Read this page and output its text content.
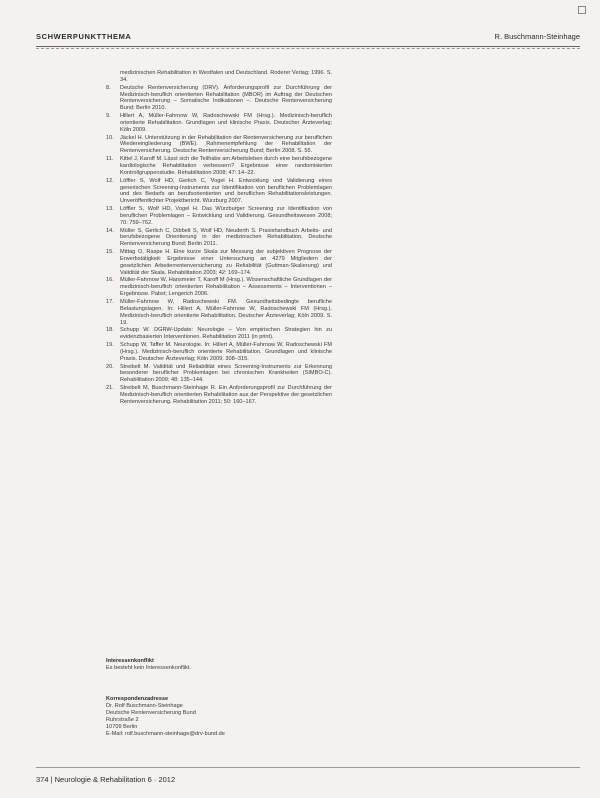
SCHWERPUNKTTHEMA	R. Buschmann-Steinhage
medizinischen Rehabilitation in Westfalen und Deutschland. Roderer Verlag; 1996. S. 34.
8. Deutsche Rentenversicherung (DRV). Anforderungsprofil zur Durchführung der Medizinisch-beruflich orientierten Rehabilitation (MBOR) im Auftrag der Deutschen Rentenversicherung – Somatische Indikationen –. Deutsche Rentenversicherung Bund; Berlin 2010.
9. Hillert A, Müller-Fahrnow W, Radoschewski FM (Hrsg.). Medizinisch-beruflich orientierte Rehabilitation. Grundlagen und klinische Praxis. Deutscher Ärzteverlag; Köln 2009.
10. Jäckel H. Unterstützung in der Rehabilitation der Rentenversicherung zur beruflichen Wiedereingliederung (BWE). Rahmenempfehlung der Rehabilitation der Rentenversicherung. Deutsche Rentenversicherung Bund; Berlin 2008. S. 55.
11. Kittel J, Karoff M. Lässt sich die Teilhabe am Arbeitsleben durch eine berufsbezogene kardiologische Rehabilitation verbessern? Ergebnisse einer randomisierten Kontrollgruppenstudie. Rehabilitation 2008; 47: 14–22.
12. Löffler S, Wolf HD, Gerlich C, Vogel H. Entwicklung und Validierung eines generischen Screening-Instruments zur Identifikation von beruflichen Problemlagen und des Bedarfs an berufsorientierten und beruflichen Rehabilitationsleistungen. Unveröffentlichter Projektbericht. Würzburg 2007.
13. Löffler S, Wolf HD, Vogel H. Das Würzburger Screening zur Identifikation von beruflichen Problemlagen – Entwicklung und Validierung. Gesundheitswesen 2008; 70: 759–762.
14. Müller S, Gerlich C, Dibbelt S, Wolf HD, Neuderth S. Praxishandbuch Arbeits- und berufsbezogene Orientierung in der medizinischen Rehabilitation. Deutsche Rentenversicherung Bund; Berlin 2011.
15. Mittag O, Raspe H. Eine kurze Skala zur Messung der subjektiven Prognose der Erwerbstätigkeit: Ergebnisse einer Untersuchung an 4279 Mitgliedern der gesetzlichen Arbeiterrentenversicherung zu Reliabilität (Guttman-Skalierung) und Validität der Skala. Rehabilitation 2003; 42: 169–174.
16. Müller-Fahrnow W, Hansmeier T, Karoff M (Hrsg.). Wissenschaftliche Grundlagen der medizinisch-beruflich orientierten Rehabilitation – Assessments – Interventionen – Ergebnisse. Pabst; Lengerich 2006.
17. Müller-Fahrnow W, Radoschewski FM. Gesundheitsbedingte berufliche Belastungslagen. In: Hillert A, Müller-Fahrnow W, Radoschewski FM (Hrsg.). Medizinisch-beruflich orientierte Rehabilitation. Deutscher Ärzteverlag; Köln 2009. S. 19.
18. Schupp W. DGRW-Update: Neurologie – Von empirischen Strategien hin zu evidenzbasierten Interventionen. Rehabilitation 2011 (in print).
19. Schupp W, Taffer M. Neurologie. In: Hillert A, Müller-Fahrnow W, Radoschewski FM (Hrsg.). Medizinisch-beruflich orientierte Rehabilitation. Grundlagen und klinische Praxis. Deutscher Ärzteverlag; Köln 2009. 308–315.
20. Streibelt M. Validität und Reliabilität eines Screening-Instruments zur Erkennung besonderer beruflicher Problemlagen bei chronischen Krankheiten (SIMBO-C). Rehabilitation 2009; 48: 135–144.
21. Streibelt M, Buschmann-Steinhage R. Ein Anforderungsprofil zur Durchführung der Medizinisch-beruflich orientierten Rehabilitation aus der Perspektive der gesetzlichen Rentenversicherung. Rehabilitation 2011; 50: 160–167.
Interessenkonflikt
Es besteht kein Interessenkonflikt.
Korrespondenzadresse
Dr. Rolf Buschmann-Steinhage
Deutsche Rentenversicherung Bund
Ruhrstraße 2
10709 Berlin
E-Mail: rolf.buschmann-steinhage@drv-bund.de
374 | Neurologie & Rehabilitation 6 · 2012
